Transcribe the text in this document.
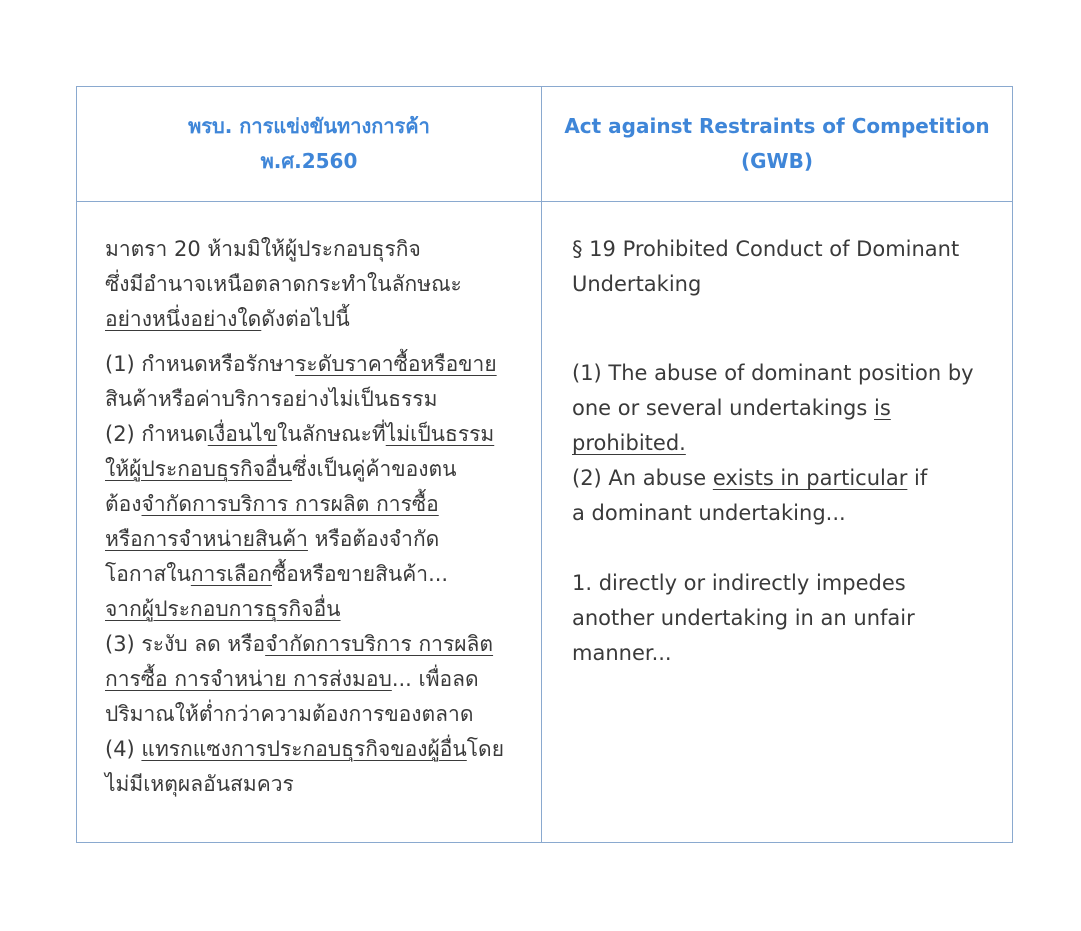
พรบ. การแข่งขันทางการค้า
พ.ศ.2560
Act against Restraints of Competition
(GWB)
มาตรา 20 ห้ามมิให้ผู้ประกอบธุรกิจ
ซึ่งมีอำนาจเหนือตลาดกระทำในลักษณะ
อย่างหนึ่งอย่างใดดังต่อไปนี้
(1) กำหนดหรือรักษาระดับราคาซื้อหรือขาย
สินค้าหรือค่าบริการอย่างไม่เป็นธรรม
(2) กำหนดเงื่อนไขในลักษณะที่ไม่เป็นธรรม
ให้ผู้ประกอบธุรกิจอื่นซึ่งเป็นคู่ค้าของตน
ต้องจำกัดการบริการ การผลิต การซื้อ
หรือการจำหน่ายสินค้า หรือต้องจำกัด
โอกาสในการเลือกซื้อหรือขายสินค้า...
จากผู้ประกอบการธุรกิจอื่น
(3) ระงับ ลด หรือจำกัดการบริการ การผลิต
การซื้อ การจำหน่าย การส่งมอบ... เพื่อลด
ปริมาณให้ต่ำกว่าความต้องการของตลาด
(4) แทรกแซงการประกอบธุรกิจของผู้อื่นโดย
ไม่มีเหตุผลอันสมควร
§ 19 Prohibited Conduct of Dominant
Undertaking
(1) The abuse of dominant position by
one or several undertakings is
prohibited.
(2) An abuse exists in particular if
a dominant undertaking...
1. directly or indirectly impedes
another undertaking in an unfair
manner...
